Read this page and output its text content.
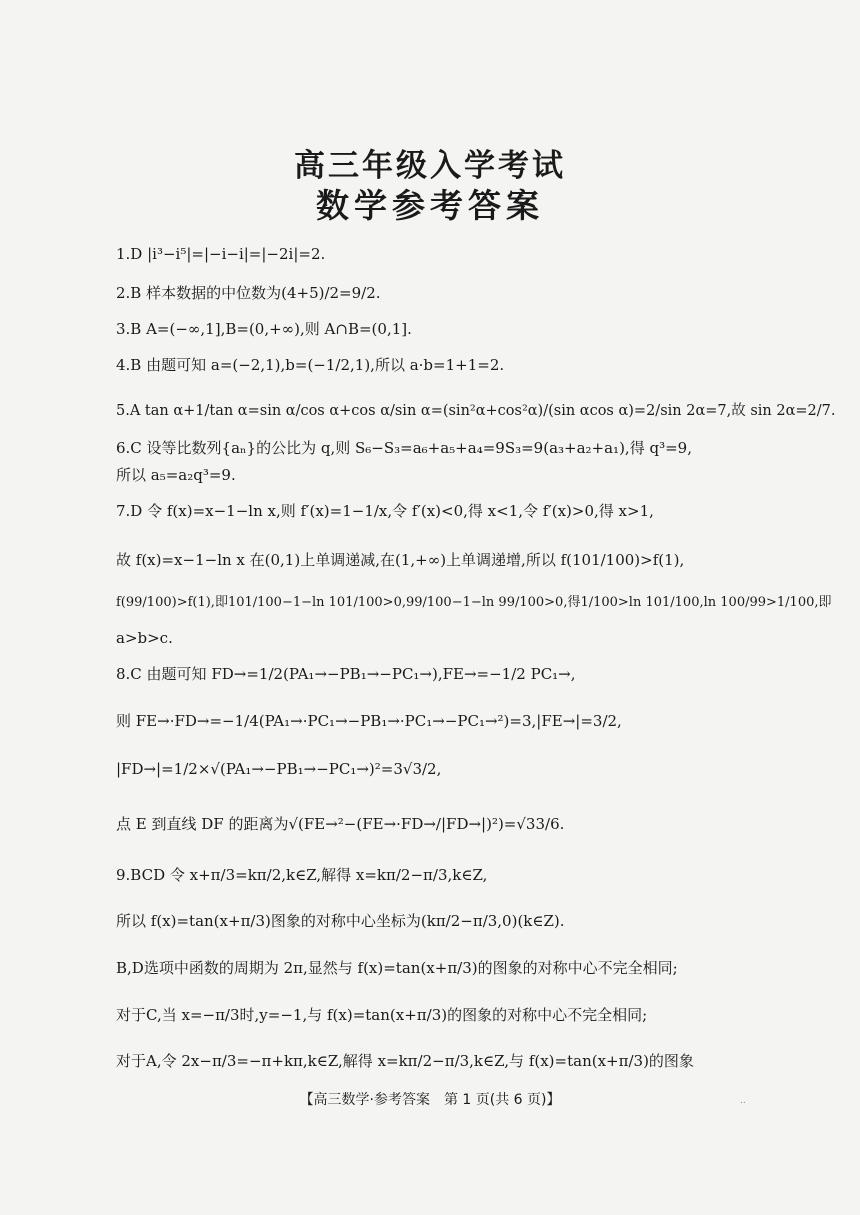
高三年级入学考试
数学参考答案
1.D |i³−i⁵|=|−i−i|=|−2i|=2.
2.B 样本数据的中位数为(4+5)/2=9/2.
3.B A=(−∞,1],B=(0,+∞),则 A∩B=(0,1].
4.B 由题可知 a=(−2,1),b=(−1/2,1),所以 a·b=1+1=2.
5.A tan α+1/tan α=sin α/cos α+cos α/sin α=(sin²α+cos²α)/(sin αcos α)=2/sin 2α=7,故 sin 2α=2/7.
6.C 设等比数列{aₙ}的公比为 q,则 S₆−S₃=a₆+a₅+a₄=9S₃=9(a₃+a₂+a₁),得 q³=9,
所以 a₅=a₂q³=9.
7.D 令 f(x)=x−1−ln x,则 f′(x)=1−1/x,令 f′(x)<0,得 x<1,令 f′(x)>0,得 x>1,
故 f(x)=x−1−ln x 在(0,1)上单调递减,在(1,+∞)上单调递增,所以 f(101/100)>f(1),
f(99/100)>f(1),即101/100−1−ln 101/100>0,99/100−1−ln 99/100>0,得1/100>ln 101/100,ln 100/99>1/100,即
a>b>c.
8.C 由题可知 FD→=1/2(PA₁→−PB₁→−PC₁→),FE→=−1/2 PC₁→,
则 FE→·FD→=−1/4(PA₁→·PC₁→−PB₁→·PC₁→−PC₁→²)=3,|FE→|=3/2,
|FD→|=1/2×√(PA₁→−PB₁→−PC₁→)²=3√3/2,
点 E 到直线 DF 的距离为√(FE→²−(FE→·FD→/|FD→|)²)=√33/6.
9.BCD 令 x+π/3=kπ/2,k∈Z,解得 x=kπ/2−π/3,k∈Z,
所以 f(x)=tan(x+π/3)图象的对称中心坐标为(kπ/2−π/3,0)(k∈Z).
B,D选项中函数的周期为 2π,显然与 f(x)=tan(x+π/3)的图象的对称中心不完全相同;
对于C,当 x=−π/3时,y=−1,与 f(x)=tan(x+π/3)的图象的对称中心不完全相同;
对于A,令 2x−π/3=−π+kπ,k∈Z,解得 x=kπ/2−π/3,k∈Z,与 f(x)=tan(x+π/3)的图象
【高三数学·参考答案　第 1 页(共 6 页)】	..
